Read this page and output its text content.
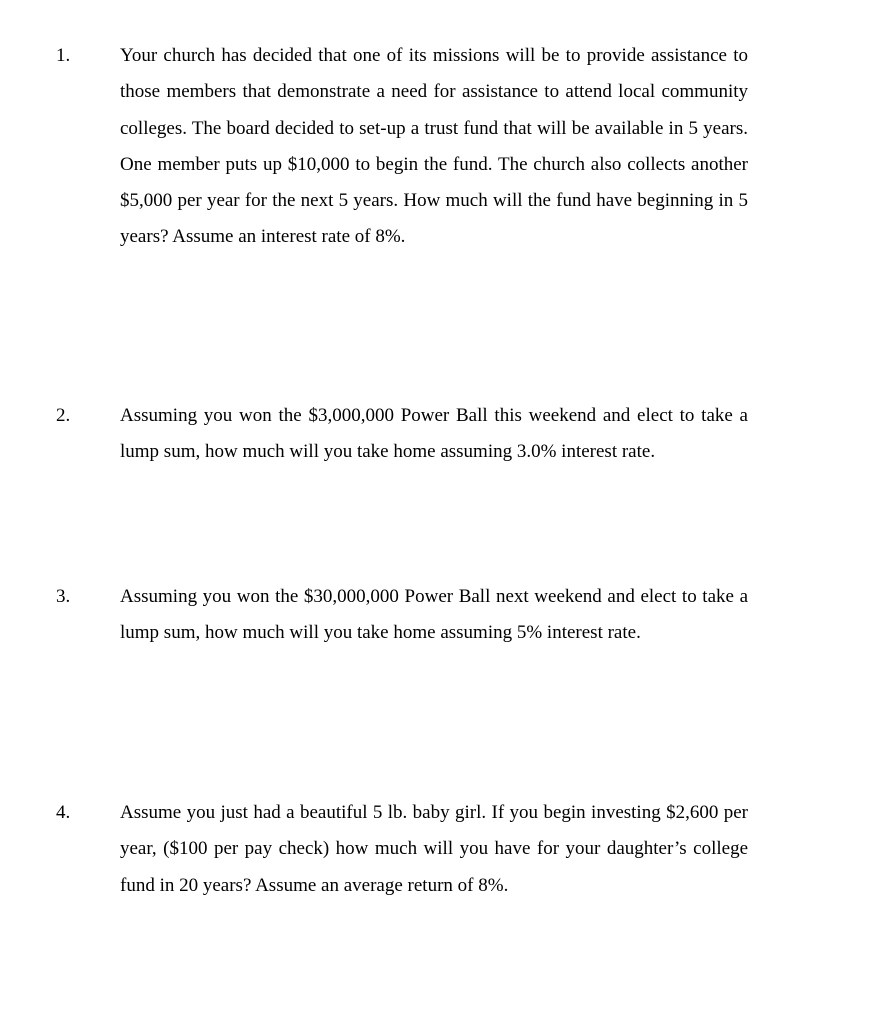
1.	Your church has decided that one of its missions will be to provide assistance to those members that demonstrate a need for assistance to attend local community colleges. The board decided to set-up a trust fund that will be available in 5 years. One member puts up $10,000 to begin the fund. The church also collects another $5,000 per year for the next 5 years. How much will the fund have beginning in 5 years? Assume an interest rate of 8%.
2.	Assuming you won the $3,000,000 Power Ball this weekend and elect to take a lump sum, how much will you take home assuming 3.0% interest rate.
3.	Assuming you won the $30,000,000 Power Ball next weekend and elect to take a lump sum, how much will you take home assuming 5% interest rate.
4.	Assume you just had a beautiful 5 lb. baby girl. If you begin investing $2,600 per year, ($100 per pay check) how much will you have for your daughter’s college fund in 20 years? Assume an average return of 8%.
